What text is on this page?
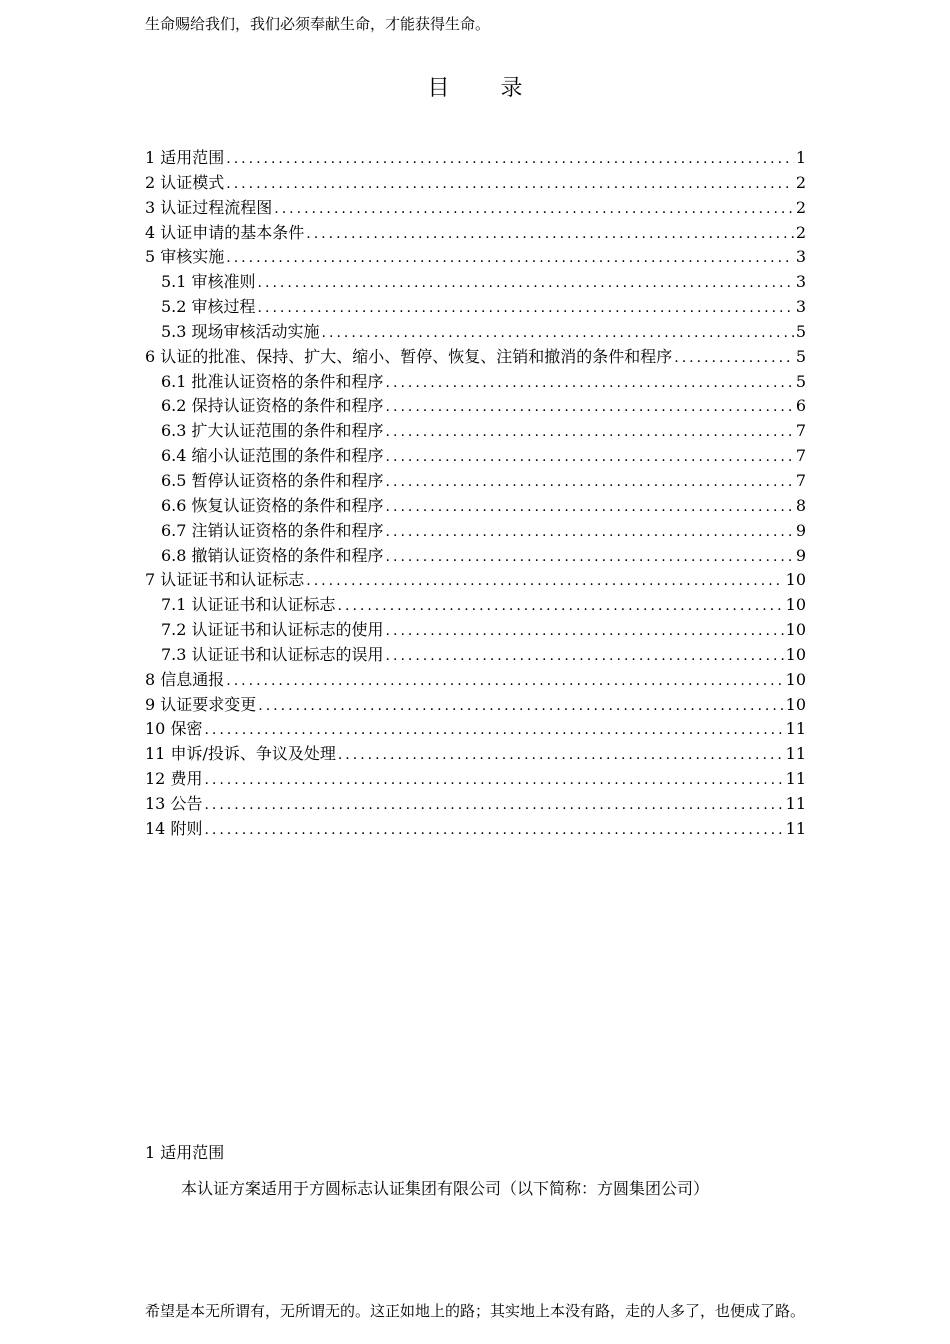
生命赐给我们，我们必须奉献生命，才能获得生命。
目 录
1 适用范围 .....	1
2 认证模式 .....	2
3 认证过程流程图 .....	2
4 认证申请的基本条件 .....	2
5 审核实施 .....	3
5.1 审核准则 .....	3
5.2 审核过程 .....	3
5.3 现场审核活动实施 .....	5
6 认证的批准、保持、扩大、缩小、暂停、恢复、注销和撤消的条件和程序 .....	5
6.1 批准认证资格的条件和程序 .....	5
6.2 保持认证资格的条件和程序 .....	6
6.3 扩大认证范围的条件和程序 .....	7
6.4 缩小认证范围的条件和程序 .....	7
6.5 暂停认证资格的条件和程序 .....	7
6.6 恢复认证资格的条件和程序 .....	8
6.7 注销认证资格的条件和程序 .....	9
6.8 撤销认证资格的条件和程序 .....	9
7 认证证书和认证标志 .....	10
7.1 认证证书和认证标志 .....	10
7.2 认证证书和认证标志的使用 .....	10
7.3 认证证书和认证标志的误用 .....	10
8 信息通报 .....	10
9 认证要求变更 .....	10
10 保密 .....	11
11 申诉/投诉、争议及处理 .....	11
12 费用 .....	11
13 公告 .....	11
14 附则 .....	11
1 适用范围
本认证方案适用于方圆标志认证集团有限公司（以下简称：方圆集团公司）
希望是本无所谓有，无所谓无的。这正如地上的路；其实地上本没有路，走的人多了，也便成了路。
